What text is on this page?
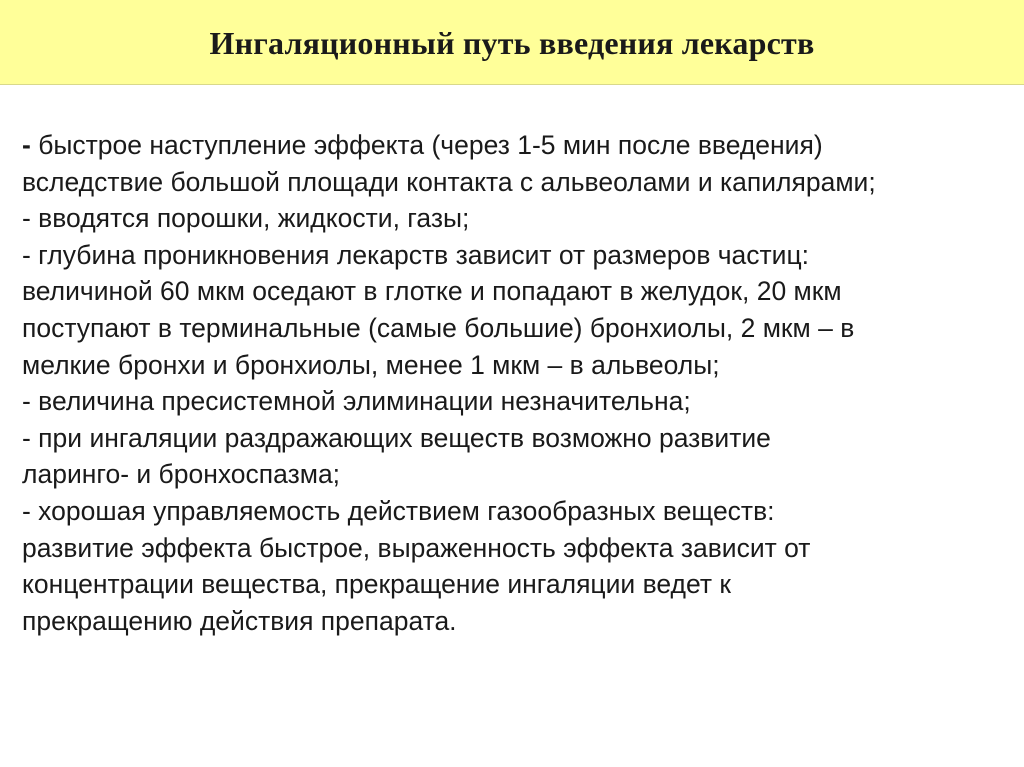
Ингаляционный путь введения лекарств
- быстрое наступление эффекта (через 1-5 мин после введения)
вследствие большой площади контакта с альвеолами и капилярами;
- вводятся порошки, жидкости, газы;
- глубина проникновения лекарств зависит от размеров частиц:
величиной 60 мкм оседают в глотке и попадают в желудок, 20 мкм
поступают в терминальные (самые большие) бронхиолы, 2 мкм – в
мелкие бронхи и бронхиолы, менее 1 мкм – в альвеолы;
- величина пресистемной элиминации незначительна;
- при ингаляции раздражающих веществ возможно развитие
ларинго- и бронхоспазма;
- хорошая управляемость действием газообразных веществ:
развитие эффекта быстрое, выраженность эффекта зависит от
концентрации вещества, прекращение ингаляции ведет к
прекращению действия препарата.
